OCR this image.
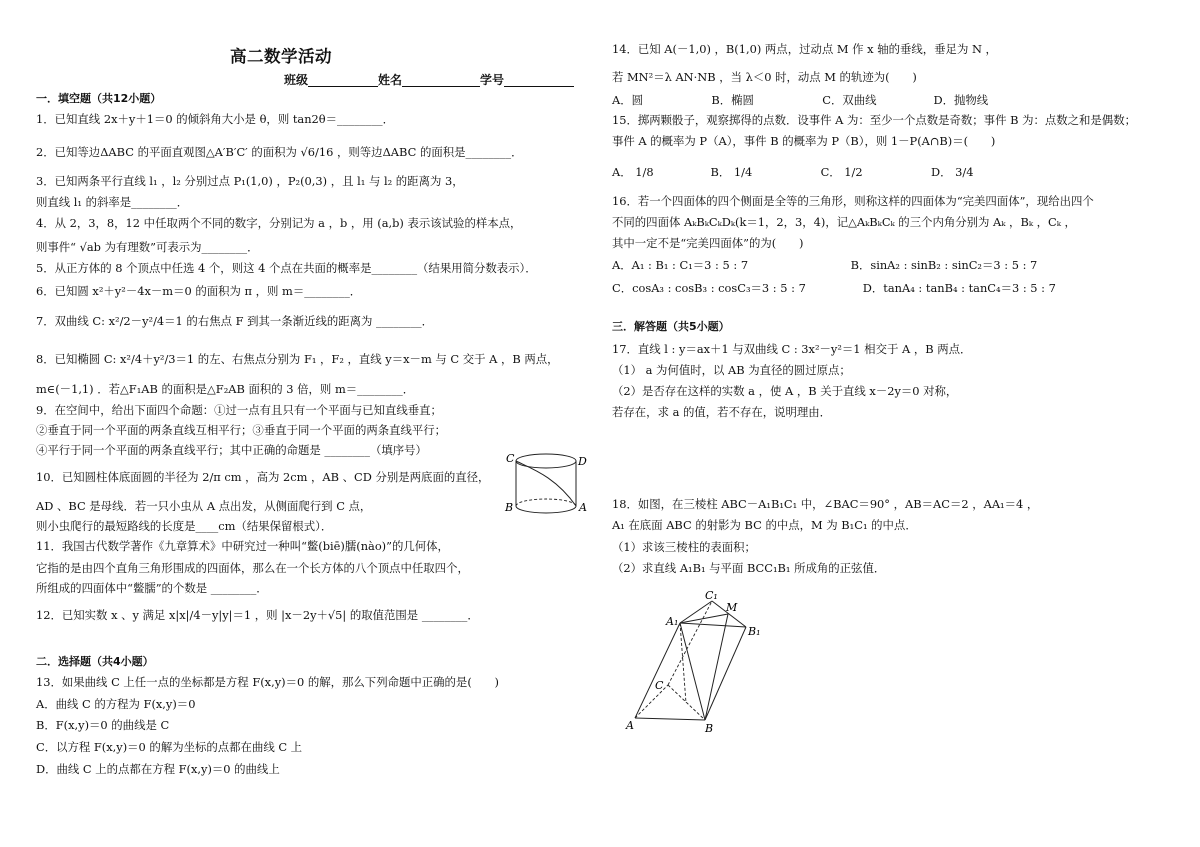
高二数学活动
班级	姓名	学号
一．填空题（共12小题）
1．已知直线 2x＋y＋1＝0 的倾斜角大小是 θ，则 tan2θ＝________．
2．已知等边ΔABC 的平面直观图△A′B′C′ 的面积为 √6/16 ，则等边ΔABC 的面积是________．
3．已知两条平行直线 l₁ ，l₂ 分别过点 P₁(1,0) ，P₂(0,3) ，且 l₁ 与 l₂ 的距离为 3，
则直线 l₁ 的斜率是________．
4．从 2，3，8，12 中任取两个不同的数字，分别记为 a ，b ，用 (a,b) 表示该试验的样本点，
则事件“ √ab 为有理数”可表示为________．
5．从正方体的 8 个顶点中任选 4 个，则这 4 个点在共面的概率是________（结果用简分数表示）．
6．已知圆 x²＋y²－4x－m＝0 的面积为 π ，则 m＝________．
7．双曲线 C: x²/2－y²/4＝1 的右焦点 F 到其一条渐近线的距离为 ________．
8．已知椭圆 C: x²/4＋y²/3＝1 的左、右焦点分别为 F₁ ，F₂ ，直线 y＝x－m 与 C 交于 A ，B 两点，
m∈(－1,1) ．若△F₁AB 的面积是△F₂AB 面积的 3 倍，则 m＝________．
9．在空间中，给出下面四个命题：①过一点有且只有一个平面与已知直线垂直；
②垂直于同一个平面的两条直线互相平行；③垂直于同一个平面的两条直线平行；
④平行于同一个平面的两条直线平行；其中正确的命题是 ________（填序号）
10．已知圆柱体底面圆的半径为 2/π cm ，高为 2cm ，AB 、CD 分别是两底面的直径，
AD 、BC 是母线．若一只小虫从 A 点出发，从侧面爬行到 C 点，
则小虫爬行的最短路线的长度是____cm（结果保留根式）．
11．我国古代数学著作《九章算术》中研究过一种叫“鳖(biē)臑(nào)”的几何体，
它指的是由四个直角三角形围成的四面体，那么在一个长方体的八个顶点中任取四个，
所组成的四面体中“鳖臑”的个数是 ________．
12．已知实数 x 、y 满足 x|x|/4－y|y|＝1 ，则 |x－2y＋√5| 的取值范围是 ________．
二．选择题（共4小题）
13．如果曲线 C 上任一点的坐标都是方程 F(x,y)＝0 的解，那么下列命题中正确的是(　　)
A．曲线 C 的方程为 F(x,y)＝0
B．F(x,y)＝0 的曲线是 C
C．以方程 F(x,y)＝0 的解为坐标的点都在曲线 C 上
D．曲线 C 上的点都在方程 F(x,y)＝0 的曲线上
14．已知 A(－1,0) ，B(1,0) 两点，过动点 M 作 x 轴的垂线，垂足为 N ，
若 MN²＝λ AN·NB ，当 λ＜0 时，动点 M 的轨迹为(　　)
A．圆　　　　　　B．椭圆　　　　　　C．双曲线　　　　　D．抛物线
15．掷两颗骰子，观察掷得的点数．设事件 A 为：至少一个点数是奇数；事件 B 为：点数之和是偶数；
事件 A 的概率为 P（A），事件 B 的概率为 P（B），则 1－P(A∩B)＝(　　)
A． 1/8　　　　　B． 1/4　　　　　　C． 1/2　　　　　　D． 3/4
16．若一个四面体的四个侧面是全等的三角形，则称这样的四面体为“完美四面体”，现给出四个
不同的四面体 AₖBₖCₖDₖ(k＝1，2，3，4)，记△AₖBₖCₖ 的三个内角分别为 Aₖ ，Bₖ ，Cₖ ，
其中一定不是“完美四面体”的为(　　)
A．A₁ : B₁ : C₁＝3 : 5 : 7　　　　　　　　　B．sinA₂ : sinB₂ : sinC₂＝3 : 5 : 7
C．cosA₃ : cosB₃ : cosC₃＝3 : 5 : 7　　　　　D．tanA₄ : tanB₄ : tanC₄＝3 : 5 : 7
三．解答题（共5小题）
17．直线 l : y＝ax＋1 与双曲线 C : 3x²－y²＝1 相交于 A ，B 两点．
（1） a 为何值时，以 AB 为直径的圆过原点；
（2）是否存在这样的实数 a ，使 A ，B 关于直线 x－2y＝0 对称，
若存在，求 a 的值，若不存在，说明理由．
18．如图，在三棱柱 ABC－A₁B₁C₁ 中，∠BAC＝90° ，AB＝AC＝2 ，AA₁＝4 ，
A₁ 在底面 ABC 的射影为 BC 的中点，M 为 B₁C₁ 的中点．
（1）求该三棱柱的表面积；
（2）求直线 A₁B₁ 与平面 BCC₁B₁ 所成角的正弦值．
C	D
B	A
C₁
M
A₁
B₁
C
A	B
